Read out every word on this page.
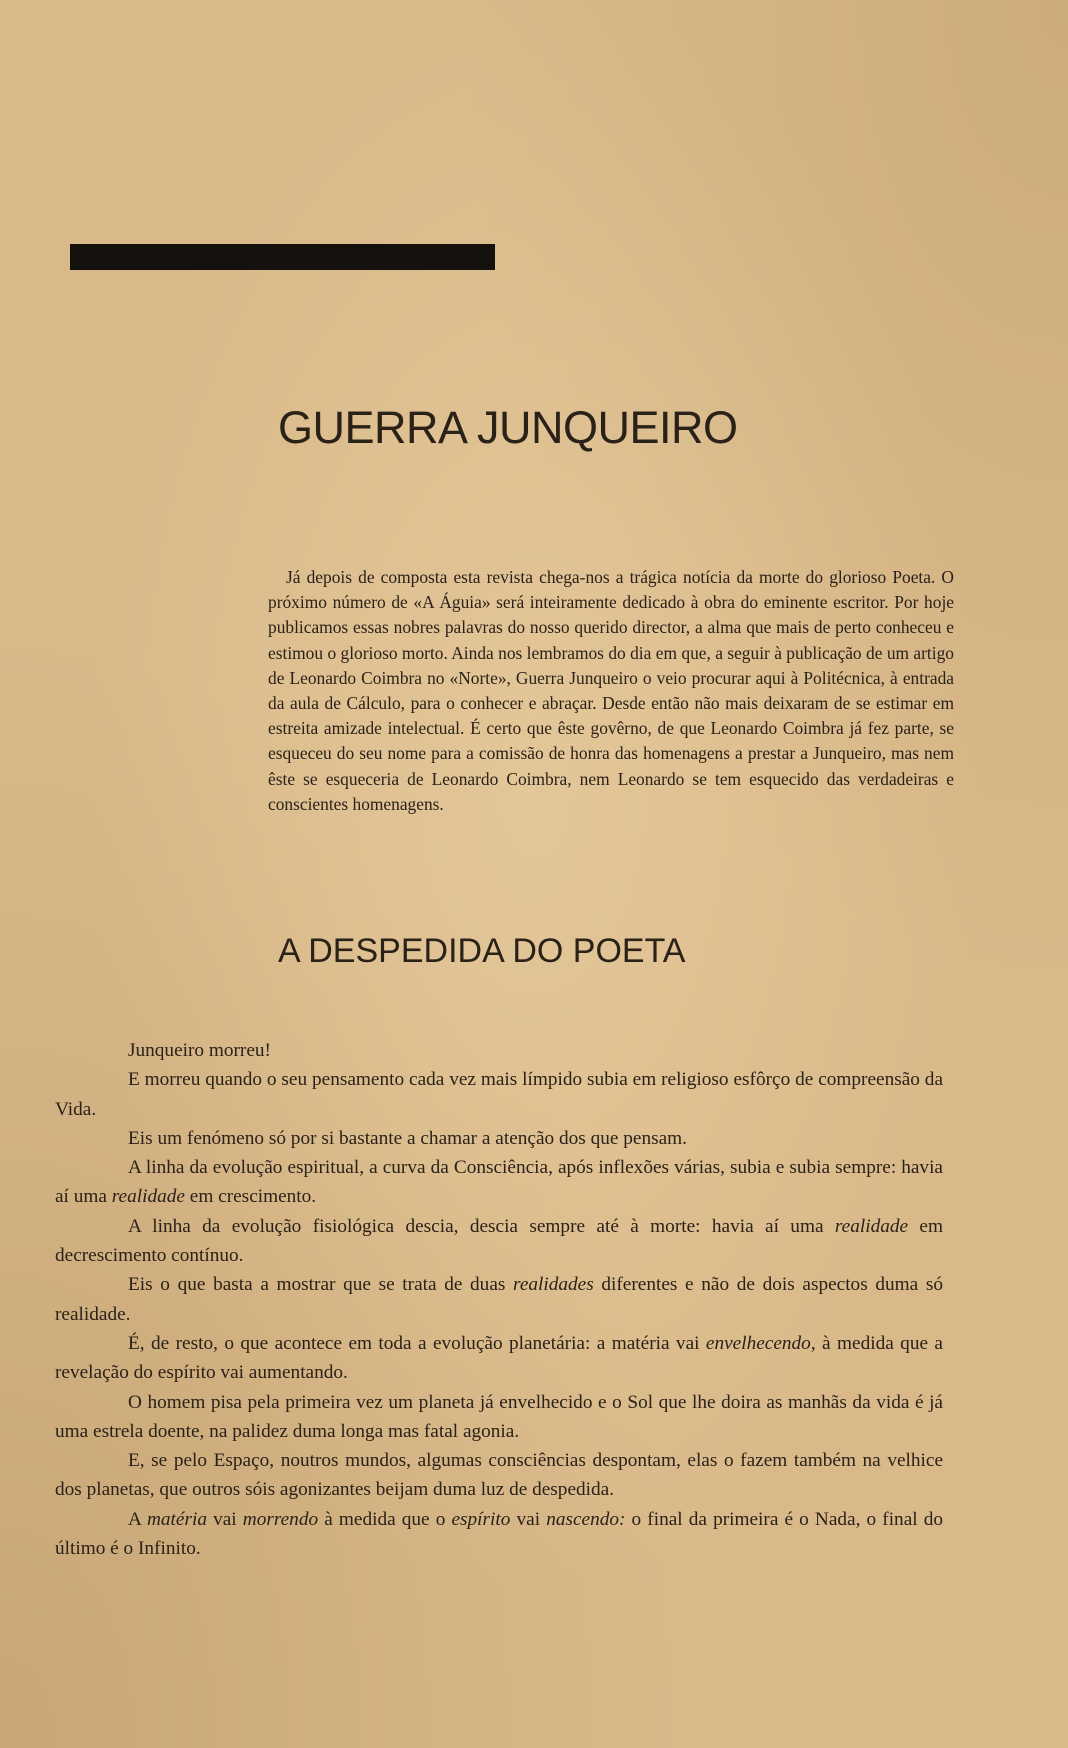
GUERRA JUNQUEIRO

Já depois de composta esta revista chega-nos a trágica notícia da morte do glorioso Poeta. O próximo número de «A Águia» será inteiramente dedicado à obra do eminente escritor. Por hoje publicamos essas nobres palavras do nosso querido director, a alma que mais de perto conheceu e estimou o glorioso morto. Ainda nos lembramos do dia em que, a seguir à publicação de um artigo de Leonardo Coimbra no «Norte», Guerra Junqueiro o veio procurar aqui à Politécnica, à entrada da aula de Cálculo, para o conhecer e abraçar. Desde então não mais deixaram de se estimar em estreita amizade intelectual. É certo que êste govêrno, de que Leonardo Coimbra já fez parte, se esqueceu do seu nome para a comissão de honra das homenagens a prestar a Junqueiro, mas nem êste se esqueceria de Leonardo Coimbra, nem Leonardo se tem esquecido das verdadeiras e conscientes homenagens.

A DESPEDIDA DO POETA

Junqueiro morreu!

E morreu quando o seu pensamento cada vez mais límpido subia em religioso esfôrço de compreensão da Vida.

Eis um fenómeno só por si bastante a chamar a atenção dos que pensam.

A linha da evolução espiritual, a curva da Consciência, após inflexões várias, subia e subia sempre: havia aí uma realidade em crescimento.

A linha da evolução fisiológica descia, descia sempre até à morte: havia aí uma realidade em decrescimento contínuo.

Eis o que basta a mostrar que se trata de duas realidades diferentes e não de dois aspectos duma só realidade.

É, de resto, o que acontece em toda a evolução planetária: a matéria vai envelhecendo, à medida que a revelação do espírito vai aumentando.

O homem pisa pela primeira vez um planeta já envelhecido e o Sol que lhe doira as manhãs da vida é já uma estrela doente, na palidez duma longa mas fatal agonia.

E, se pelo Espaço, noutros mundos, algumas consciências despontam, elas o fazem também na velhice dos planetas, que outros sóis agonizantes beijam duma luz de despedida.

A matéria vai morrendo à medida que o espírito vai nascendo: o final da primeira é o Nada, o final do último é o Infinito.
